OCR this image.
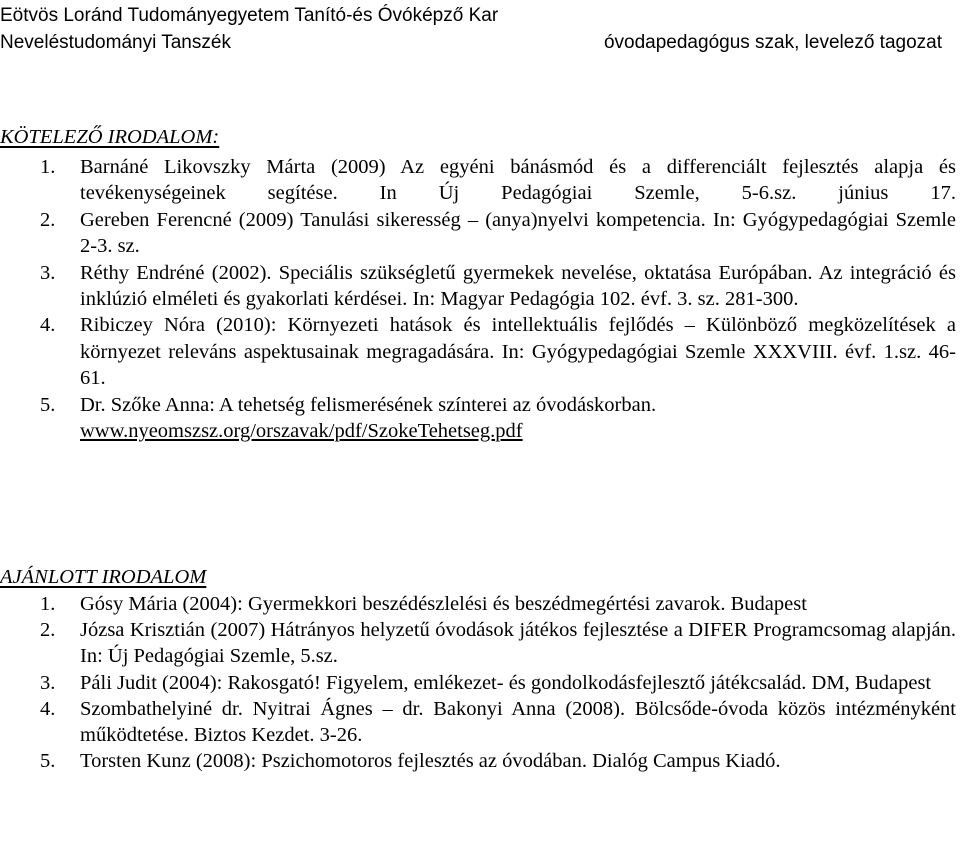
Eötvös Loránd Tudományegyetem Tanító-és Óvóképző Kar
Neveléstudományi Tanszék	óvodapedagógus szak, levelező tagozat
KÖTELEZŐ IRODALOM:
1. Barnáné Likovszky Márta (2009) Az egyéni bánásmód és a differenciált fejlesztés alapja és tevékenységeinek segítése. In Új Pedagógiai Szemle, 5-6.sz. június 17.
2. Gereben Ferencné (2009) Tanulási sikeresség – (anya)nyelvi kompetencia. In: Gyógypedagógiai Szemle 2-3. sz.
3. Réthy Endréné (2002). Speciális szükségletű gyermekek nevelése, oktatása Európában. Az integráció és inklúzió elméleti és gyakorlati kérdései. In: Magyar Pedagógia 102. évf. 3. sz. 281-300.
4. Ribiczey Nóra (2010): Környezeti hatások és intellektuális fejlődés – Különböző megközelítések a környezet releváns aspektusainak megragadására. In: Gyógypedagógiai Szemle XXXVIII. évf. 1.sz. 46-61.
5. Dr. Szőke Anna: A tehetség felismerésének színterei az óvodáskorban.
www.nyeomszsz.org/orszavak/pdf/SzokeTehetseg.pdf
AJÁNLOTT IRODALOM
1. Gósy Mária (2004): Gyermekkori beszédészlelési és beszédmegértési zavarok. Budapest
2. Józsa Krisztián (2007) Hátrányos helyzetű óvodások játékos fejlesztése a DIFER Programcsomag alapján. In: Új Pedagógiai Szemle, 5.sz.
3. Páli Judit (2004): Rakosgató! Figyelem, emlékezet- és gondolkodásfejlesztő játékcsalád. DM, Budapest
4. Szombathelyiné dr. Nyitrai Ágnes – dr. Bakonyi Anna (2008). Bölcsőde-óvoda közös intézményként működtetése. Biztos Kezdet. 3-26.
5. Torsten Kunz (2008): Pszichomotoros fejlesztés az óvodában. Dialóg Campus Kiadó.
